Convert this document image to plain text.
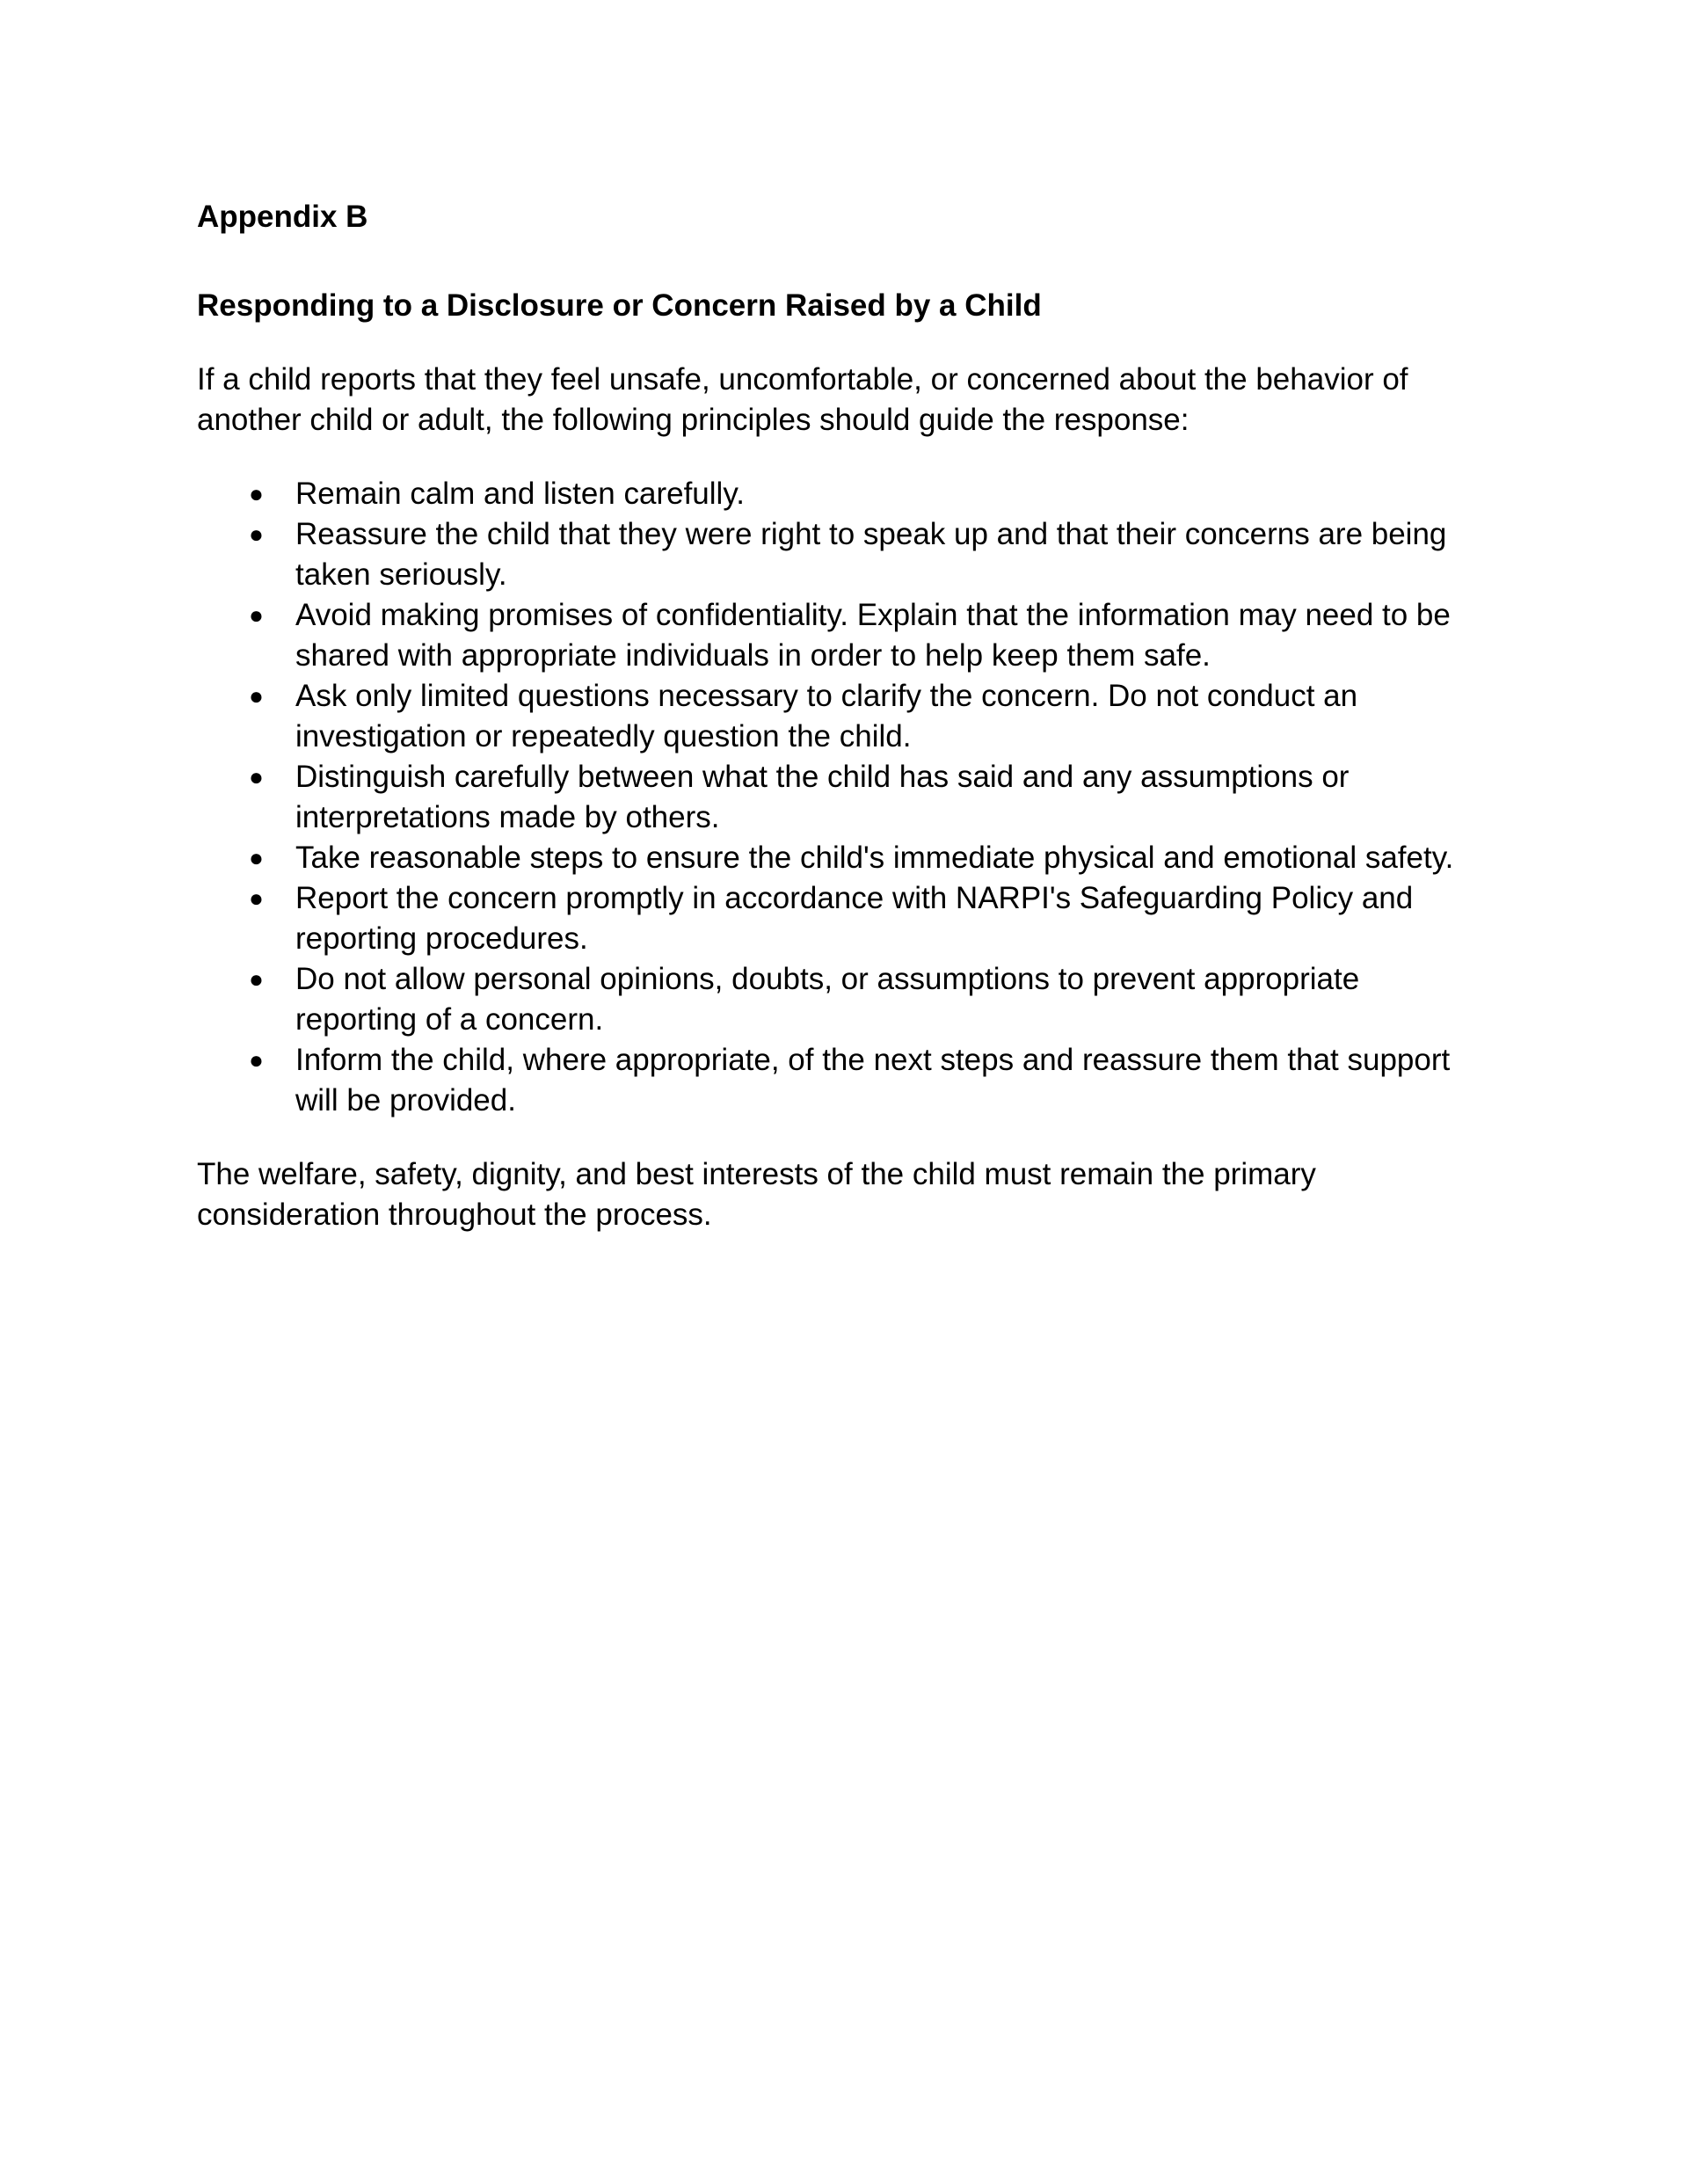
Appendix B

Responding to a Disclosure or Concern Raised by a Child

If a child reports that they feel unsafe, uncomfortable, or concerned about the behavior of another child or adult, the following principles should guide the response:

● Remain calm and listen carefully.
● Reassure the child that they were right to speak up and that their concerns are being taken seriously.
● Avoid making promises of confidentiality. Explain that the information may need to be shared with appropriate individuals in order to help keep them safe.
● Ask only limited questions necessary to clarify the concern. Do not conduct an investigation or repeatedly question the child.
● Distinguish carefully between what the child has said and any assumptions or interpretations made by others.
● Take reasonable steps to ensure the child's immediate physical and emotional safety.
● Report the concern promptly in accordance with NARPI's Safeguarding Policy and reporting procedures.
● Do not allow personal opinions, doubts, or assumptions to prevent appropriate reporting of a concern.
● Inform the child, where appropriate, of the next steps and reassure them that support will be provided.

The welfare, safety, dignity, and best interests of the child must remain the primary consideration throughout the process.
